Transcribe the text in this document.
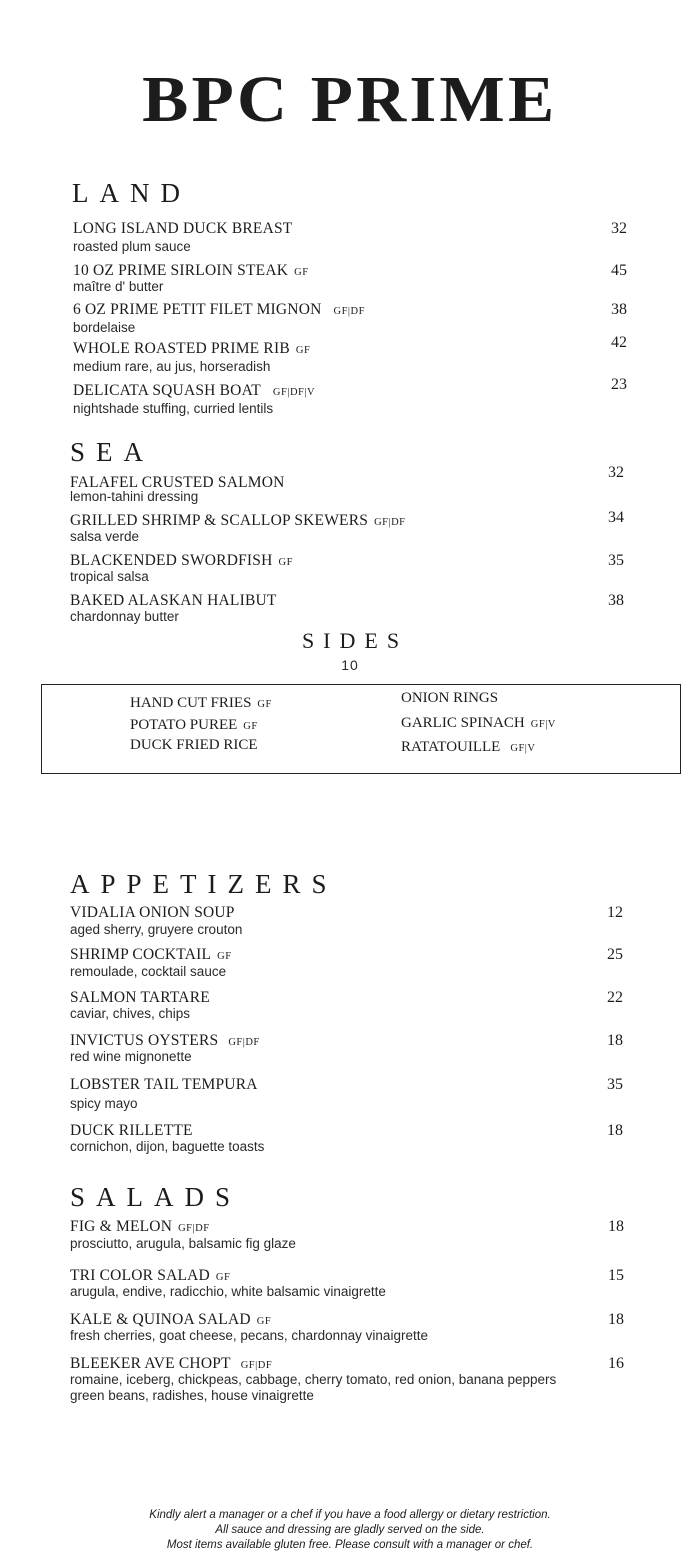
BPC PRIME
LAND
LONG ISLAND DUCK BREAST
roasted plum sauce
32
10 OZ PRIME SIRLOIN STEAK GF
maître d' butter
45
6 OZ PRIME PETIT FILET MIGNON GF|DF
bordelaise
38
WHOLE ROASTED PRIME RIB GF
medium rare, au jus, horseradish
42
DELICATA SQUASH BOAT GF|DF|V
nightshade stuffing, curried lentils
23
SEA
FALAFEL CRUSTED SALMON
lemon-tahini dressing
32
GRILLED SHRIMP & SCALLOP SKEWERS GF|DF
salsa verde
34
BLACKENDED SWORDFISH GF
tropical salsa
35
BAKED ALASKAN HALIBUT
chardonnay butter
38
SIDES
10
HAND CUT FRIES GF
POTATO PUREE GF
DUCK FRIED RICE
ONION RINGS
GARLIC SPINACH GF|V
RATATOUILLE GF|V
APPETIZERS
VIDALIA ONION SOUP
aged sherry, gruyere crouton
12
SHRIMP COCKTAIL GF
remoulade, cocktail sauce
25
SALMON TARTARE
caviar, chives, chips
22
INVICTUS OYSTERS GF|DF
red wine mignonette
18
LOBSTER TAIL TEMPURA
spicy mayo
35
DUCK RILLETTE
cornichon, dijon, baguette toasts
18
SALADS
FIG & MELON GF|DF
prosciutto, arugula, balsamic fig glaze
18
TRI COLOR SALAD GF
arugula, endive, radicchio, white balsamic vinaigrette
15
KALE & QUINOA SALAD GF
fresh cherries, goat cheese, pecans, chardonnay vinaigrette
18
BLEEKER AVE CHOPT GF|DF
romaine, iceberg, chickpeas, cabbage, cherry tomato, red onion, banana peppers
green beans, radishes, house vinaigrette
16
Kindly alert a manager or a chef if you have a food allergy or dietary restriction.
All sauce and dressing are gladly served on the side.
Most items available gluten free. Please consult with a manager or chef.
